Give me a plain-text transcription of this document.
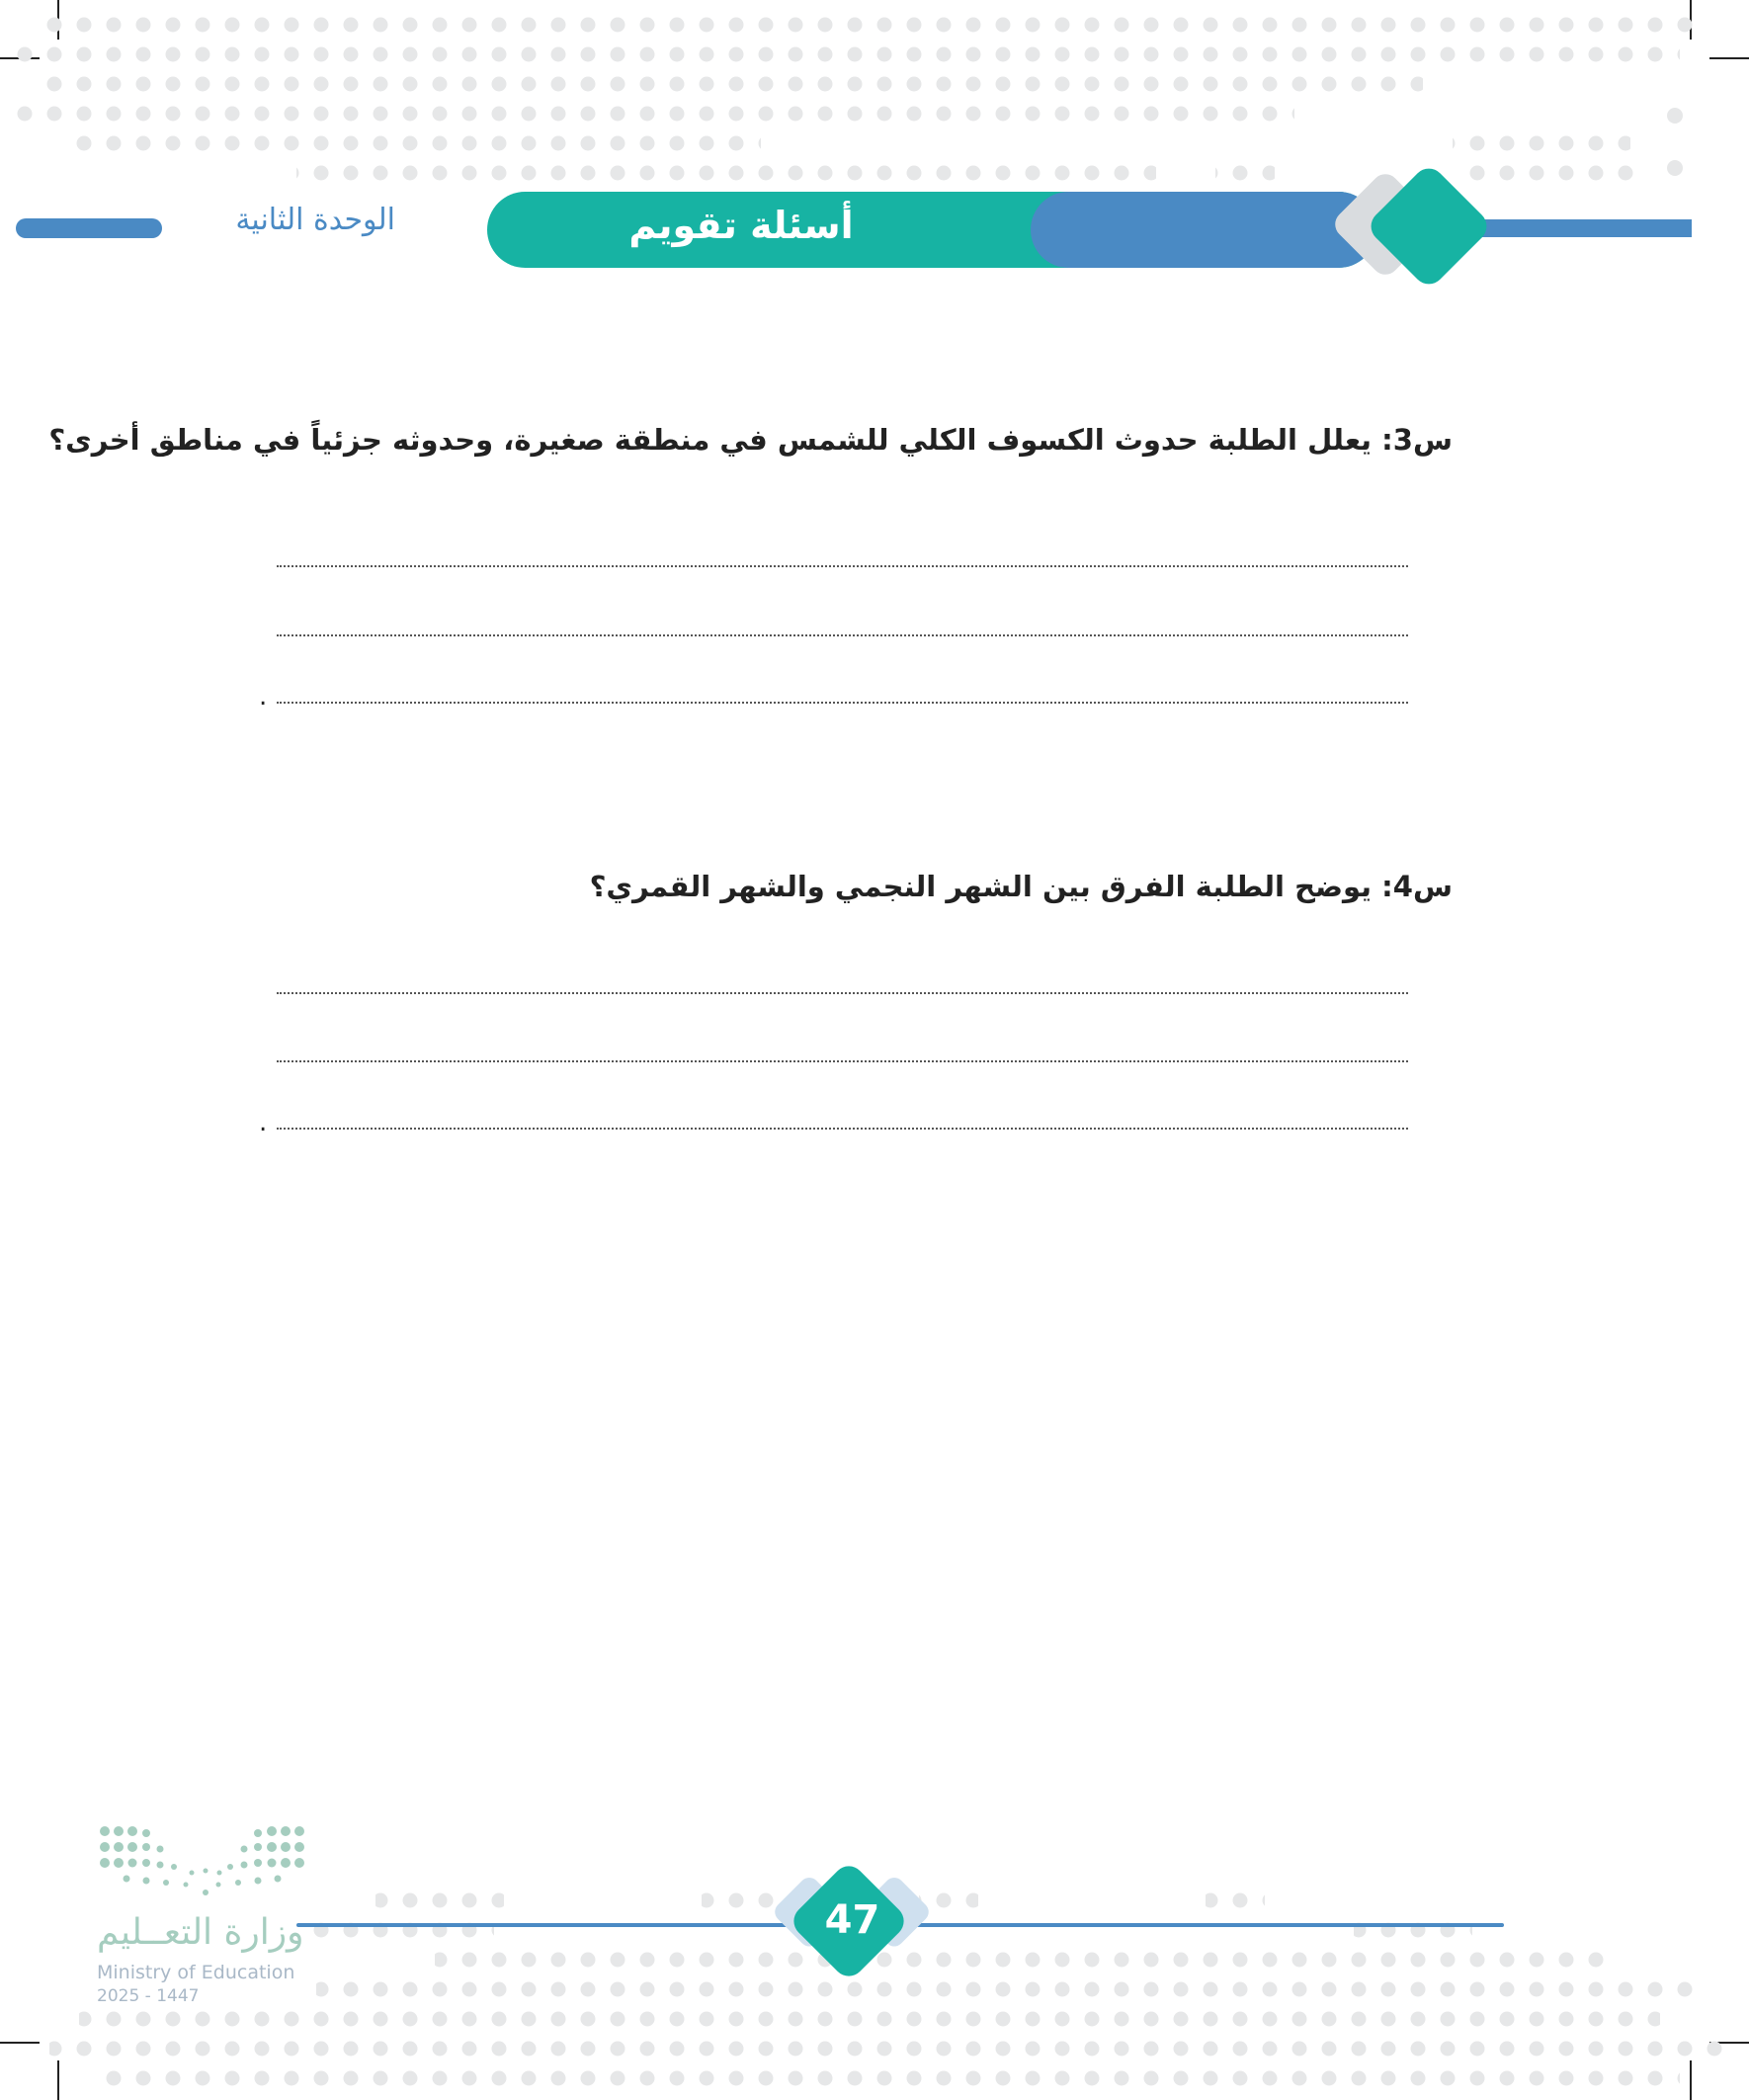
الوحدة الثانية	أسئلة تقويم
س3: يعلل الطلبة حدوث الكسوف الكلي للشمس في منطقة صغيرة، وحدوثه جزئياً في مناطق أخرى؟
.
س4: يوضح الطلبة الفرق بين الشهر النجمي والشهر القمري؟
.
47
وزارة التعــليم
Ministry of Education
2025 - 1447
